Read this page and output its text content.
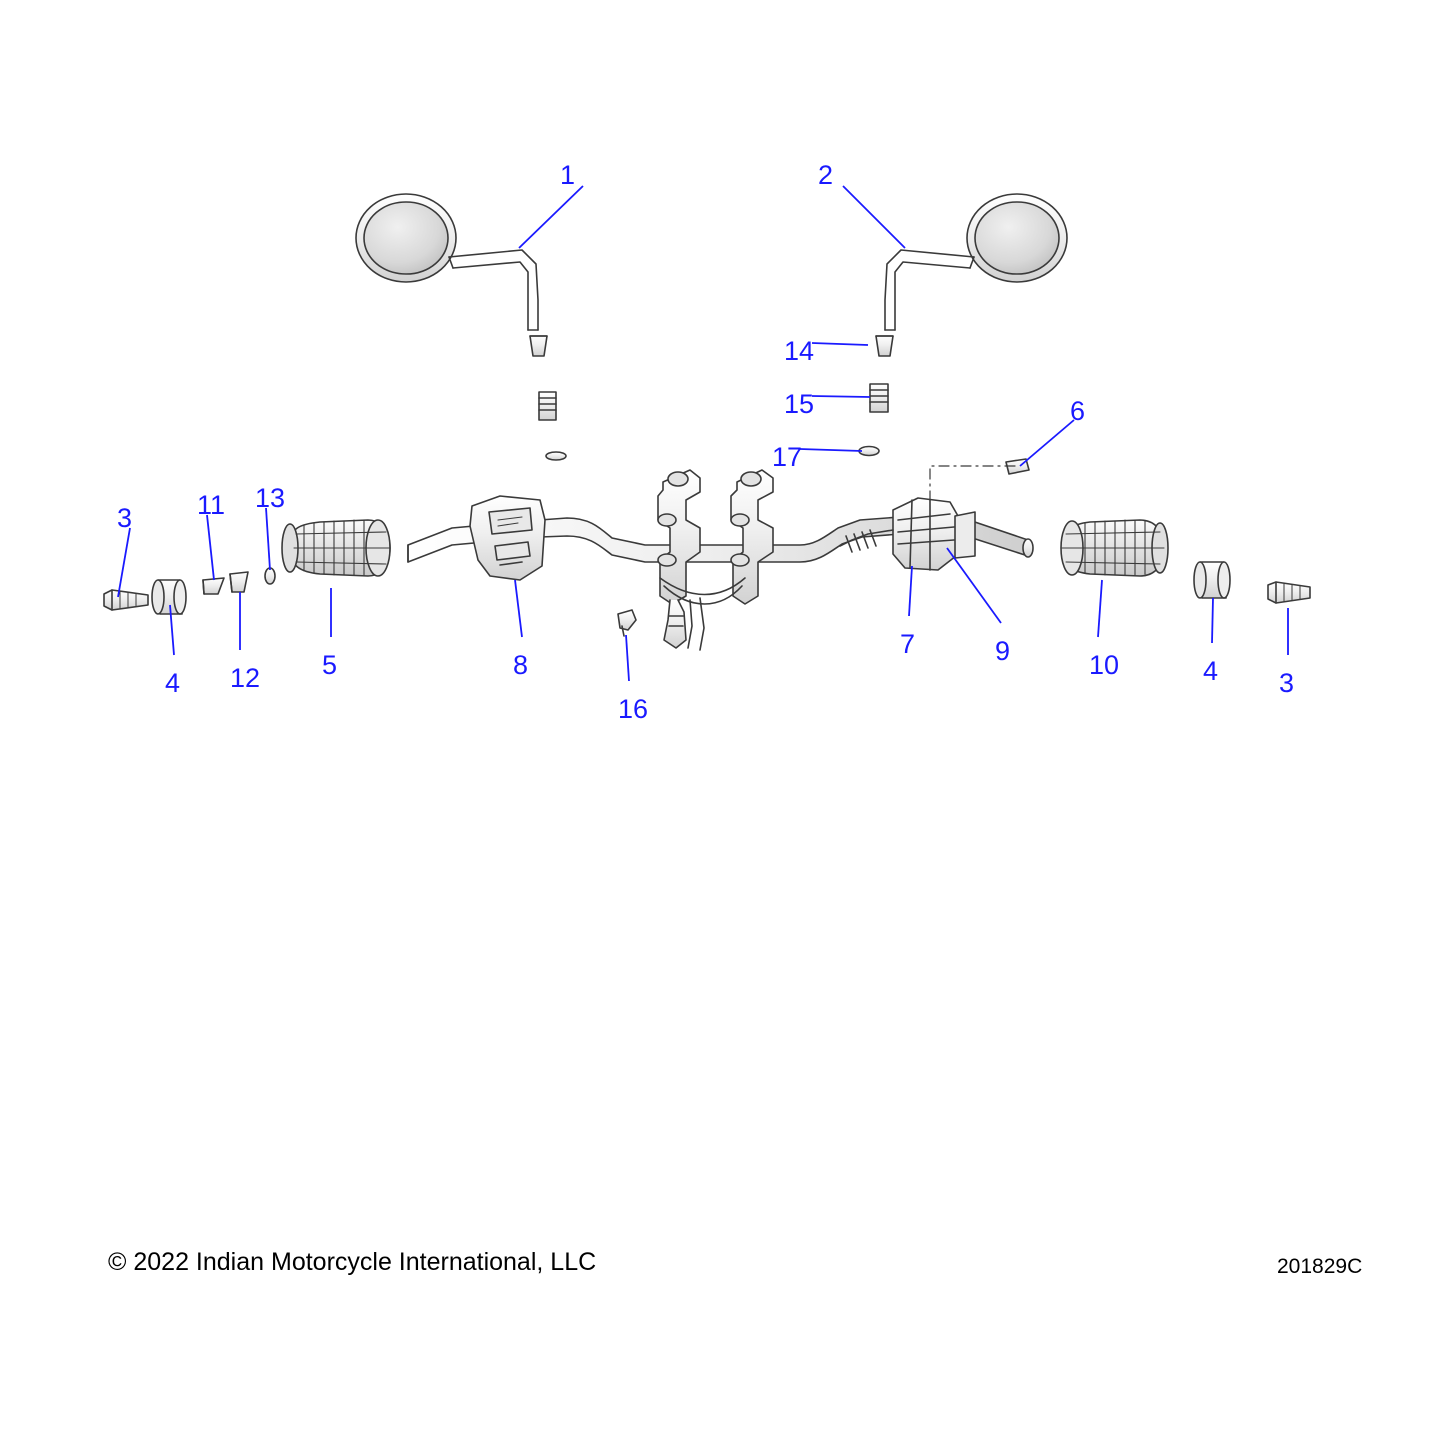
1	2
3 11 13
4 12 5	8
16
7	9	10	4 3
6
14
15
17
© 2022 Indian Motorcycle International, LLC	201829C
